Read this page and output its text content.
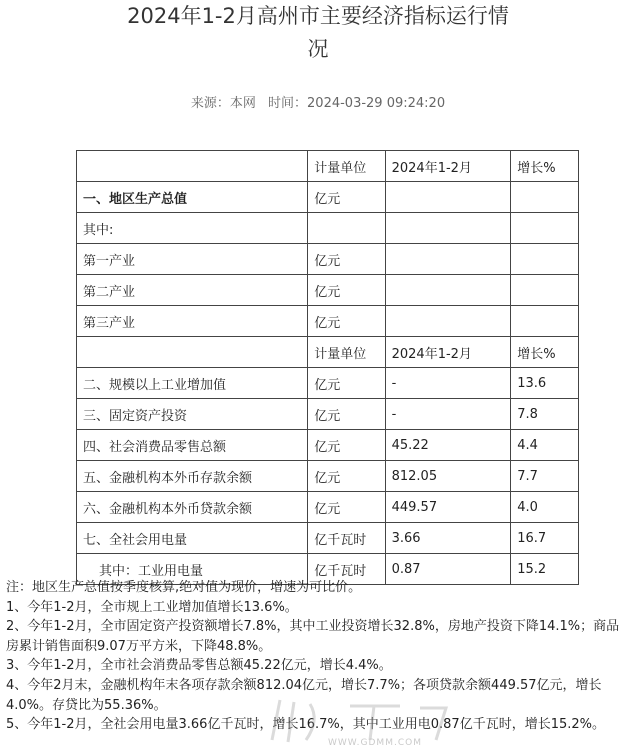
2024年1-2月高州市主要经济指标运行情
况
来源：本网 时间：2024-03-29 09:24:20
	计量单位	2024年1-2月	增长%
一、地区生产总值	亿元		
其中:			
第一产业	亿元		
第二产业	亿元		
第三产业	亿元		
	计量单位	2024年1-2月	增长%
二、规模以上工业增加值	亿元	-	13.6
三、固定资产投资	亿元	-	7.8
四、社会消费品零售总额	亿元	45.22	4.4
五、金融机构本外币存款余额	亿元	812.05	7.7
六、金融机构本外币贷款余额	亿元	449.57	4.0
七、全社会用电量	亿千瓦时	3.66	16.7
其中：工业用电量	亿千瓦时	0.87	15.2

注：地区生产总值按季度核算,绝对值为现价，增速为可比价。

1、今年1-2月，全市规上工业增加值增长13.6%。

2、今年1-2月，全市固定资产投资额增长7.8%，其中工业投资增长32.8%，房地产投资下降14.1%；商品房累计销售面积9.07万平方米，下降48.8%。

3、今年1-2月，全市社会消费品零售总额45.22亿元，增长4.4%。

4、今年2月末，金融机构年末各项存款余额812.04亿元，增长7.7%；各项贷款余额449.57亿元，增长4.0%。存贷比为55.36%。

5、今年1-2月，全社会用电量3.66亿千瓦时，增长16.7%，其中工业用电0.87亿千瓦时，增长15.2%。

WWW.GDMM.COM
